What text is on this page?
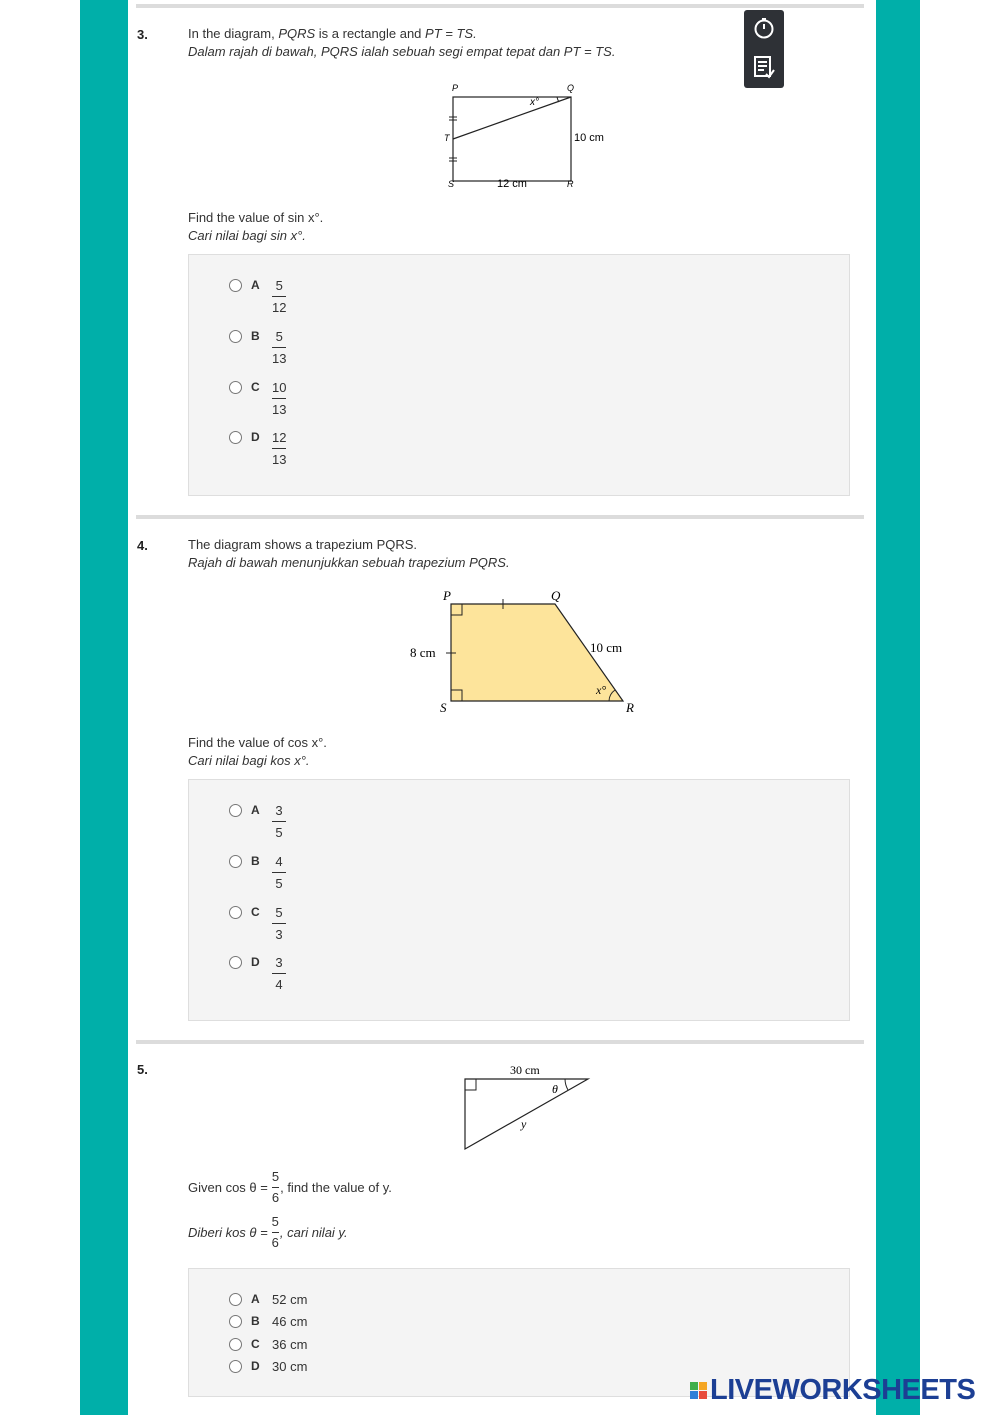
3.	In the diagram, PQRS is a rectangle and PT = TS.
Dalam rajah di bawah, PQRS ialah sebuah segi empat tepat dan PT = TS.
P	Q
R
S
T
x°
10 cm
12 cm
Find the value of sin x°.
Cari nilai bagi sin x°.
A $\frac{5}{12}$
B $\frac{5}{13}$
C $\frac{10}{13}$
D $\frac{12}{13}$
4.	The diagram shows a trapezium PQRS.
Rajah di bawah menunjukkan sebuah trapezium PQRS.
P	Q
R
S
8 cm	10 cm
x°
Find the value of cos x°.
Cari nilai bagi kos x°.
A $\frac{3}{5}$
B $\frac{4}{5}$
C $\frac{5}{3}$
D $\frac{3}{4}$
5.	30 cm
θ
y
Given cos θ =
5
6
, find the value of y.
Diberi kos θ =
5
6
, cari nilai y.
A 52 cm
B 46 cm
C 36 cm
D 30 cm
LIVEWORKSHEETS
